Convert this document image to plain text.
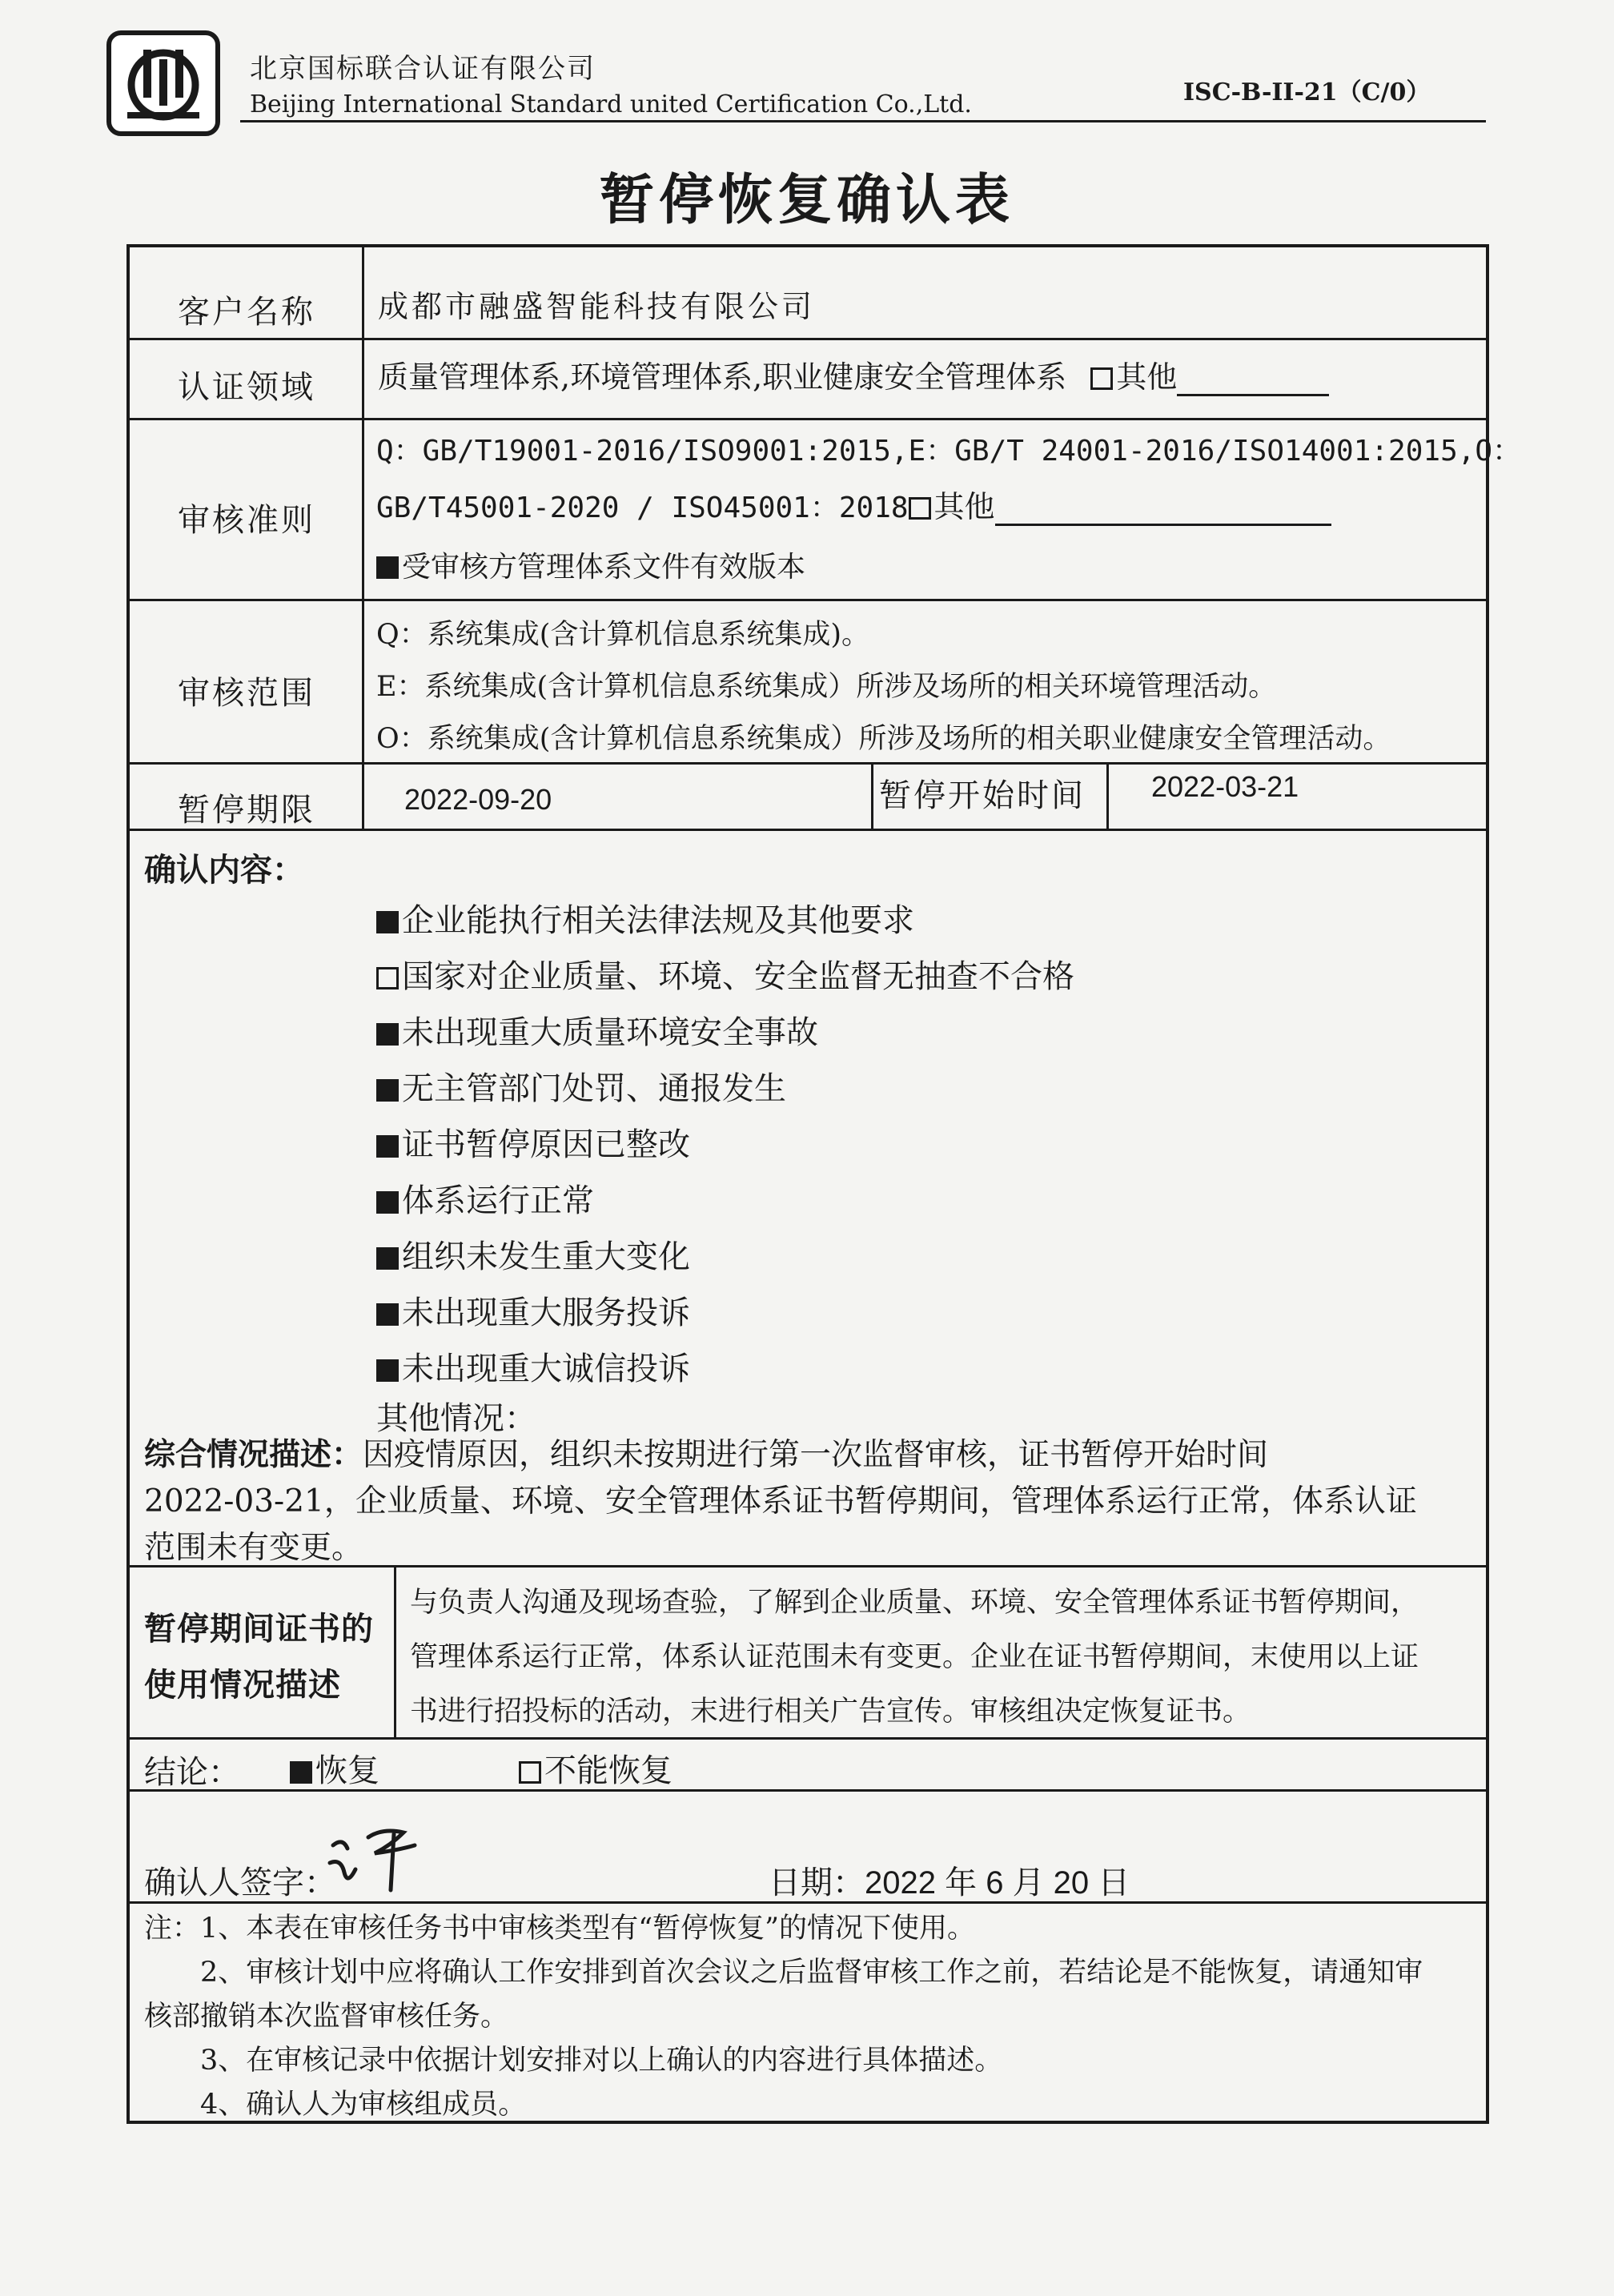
北京国标联合认证有限公司
Beijing International Standard united Certification Co.,Ltd.	ISC-B-II-21（C/0）
暂停恢复确认表
客户名称 成都市融盛智能科技有限公司
认证领域 质量管理体系,环境管理体系,职业健康安全管理体系 其他
审核准则
Q：GB/T19001-2016/ISO9001:2015,E：GB/T 24001-2016/ISO14001:2015,O：
GB/T45001-2020 / ISO45001：2018 其他
受审核方管理体系文件有效版本
审核范围
Q：系统集成(含计算机信息系统集成)。
E：系统集成(含计算机信息系统集成）所涉及场所的相关环境管理活动。
O：系统集成(含计算机信息系统集成）所涉及场所的相关职业健康安全管理活动。
暂停期限	2022-09-20	暂停开始时间 2022-03-21
确认内容：
企业能执行相关法律法规及其他要求
国家对企业质量、环境、安全监督无抽查不合格
未出现重大质量环境安全事故
无主管部门处罚、通报发生
证书暂停原因已整改
体系运行正常
组织未发生重大变化
未出现重大服务投诉
未出现重大诚信投诉
其他情况：
综合情况描述：因疫情原因，组织未按期进行第一次监督审核，证书暂停开始时间
2022-03-21，企业质量、环境、安全管理体系证书暂停期间，管理体系运行正常，体系认证
范围未有变更。
暂停期间证书的
使用情况描述
与负责人沟通及现场查验，了解到企业质量、环境、安全管理体系证书暂停期间，
管理体系运行正常，体系认证范围未有变更。企业在证书暂停期间，末使用以上证
书进行招投标的活动，末进行相关广告宣传。审核组决定恢复证书。
结论：	恢复	不能恢复
确认人签字：	日期：2022 年 6 月 20 日
注：1、本表在审核任务书中审核类型有“暂停恢复”的情况下使用。
2、审核计划中应将确认工作安排到首次会议之后监督审核工作之前，若结论是不能恢复，请通知审
核部撤销本次监督审核任务。
3、在审核记录中依据计划安排对以上确认的内容进行具体描述。
4、确认人为审核组成员。
